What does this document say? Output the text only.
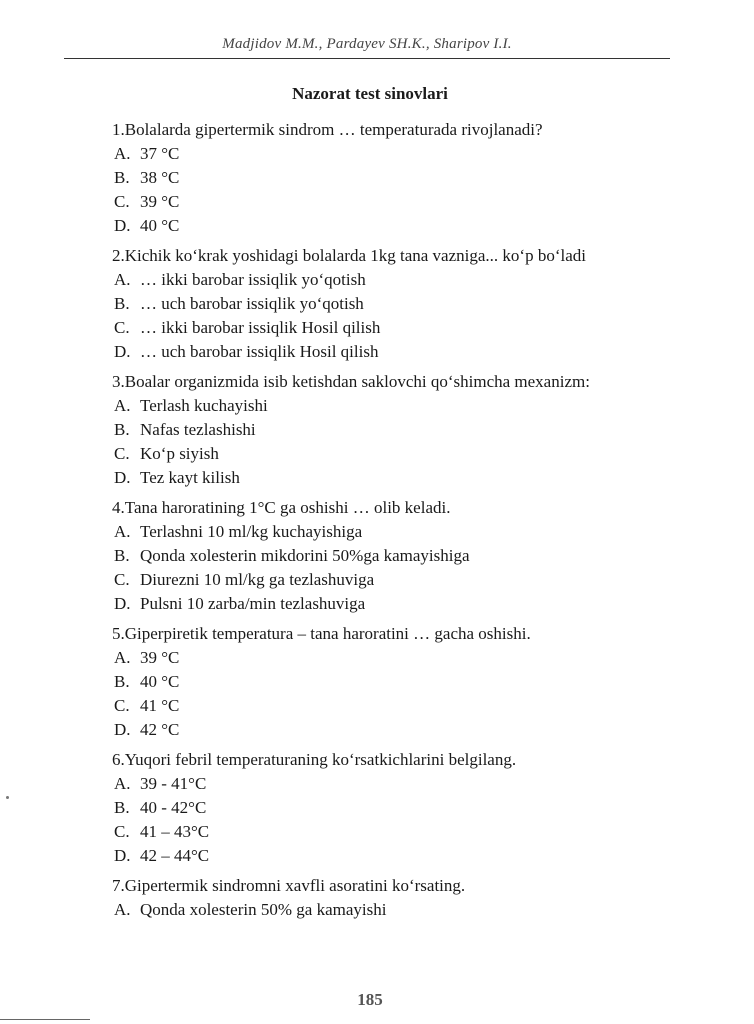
Madjidov M.M., Pardayev SH.K., Sharipov I.I.
Nazorat test sinovlari

1.Bolalarda gipertermik sindrom … temperaturada rivojlanadi?

A. 37 °C
B. 38 °C
C. 39 °C
D. 40 °C

2.Kichik ko‘krak yoshidagi bolalarda 1kg tana vazniga... ko‘p bo‘ladi

A. … ikki barobar issiqlik yo‘qotish
B. … uch barobar issiqlik yo‘qotish
C. … ikki barobar issiqlik Hosil qilish
D. … uch barobar issiqlik Hosil qilish

3.Boalar organizmida isib ketishdan saklovchi qo‘shimcha mexanizm:

A. Terlash kuchayishi
B. Nafas tezlashishi
C. Ko‘p siyish
D. Tez kayt kilish

4.Tana haroratining 1°C ga oshishi … olib keladi.

A. Terlashni 10 ml/kg kuchayishiga
B. Qonda xolesterin mikdorini 50%ga kamayishiga
C. Diurezni 10 ml/kg ga tezlashuviga
D. Pulsni 10 zarba/min tezlashuviga

5.Giperpiretik temperatura – tana haroratini … gacha oshishi.

A. 39 °C
B. 40 °C
C. 41 °C
D. 42 °C

6.Yuqori febril temperaturaning ko‘rsatkichlarini belgilang.

A. 39 - 41°C
B. 40 - 42°C
C. 41 – 43°C
D. 42 – 44°C

7.Gipertermik sindromni xavfli asoratini ko‘rsating.

A. Qonda xolesterin 50% ga kamayishi
185
